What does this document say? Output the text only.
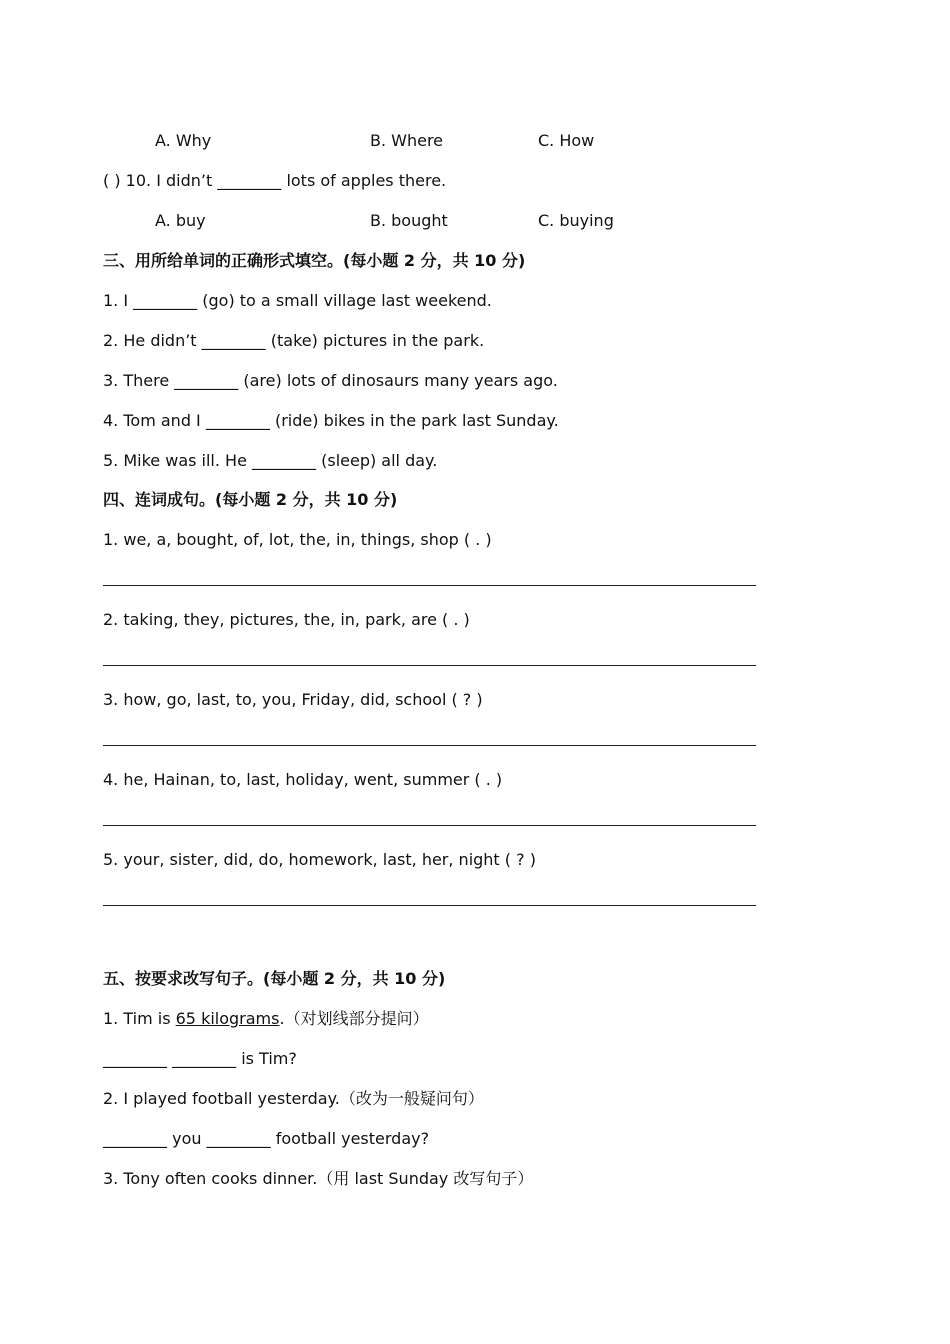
A. Why	B. Where	C. How
( ) 10. I didn’t ________ lots of apples there.
A. buy	B. bought	C. buying
三、用所给单词的正确形式填空。(每小题 2 分，共 10 分)
1. I ________ (go) to a small village last weekend.
2. He didn’t ________ (take) pictures in the park.
3. There ________ (are) lots of dinosaurs many years ago.
4. Tom and I ________ (ride) bikes in the park last Sunday.
5. Mike was ill. He ________ (sleep) all day.
四、连词成句。(每小题 2 分，共 10 分)
1. we, a, bought, of, lot, the, in, things, shop ( . )
2. taking, they, pictures, the, in, park, are ( . )
3. how, go, last, to, you, Friday, did, school ( ? )
4. he, Hainan, to, last, holiday, went, summer ( . )
5. your, sister, did, do, homework, last, her, night ( ? )
五、按要求改写句子。(每小题 2 分，共 10 分)
1. Tim is 65 kilograms.（对划线部分提问）
________ ________ is Tim?
2. I played football yesterday.（改为一般疑问句）
________ you ________ football yesterday?
3. Tony often cooks dinner.（用 last Sunday 改写句子）
